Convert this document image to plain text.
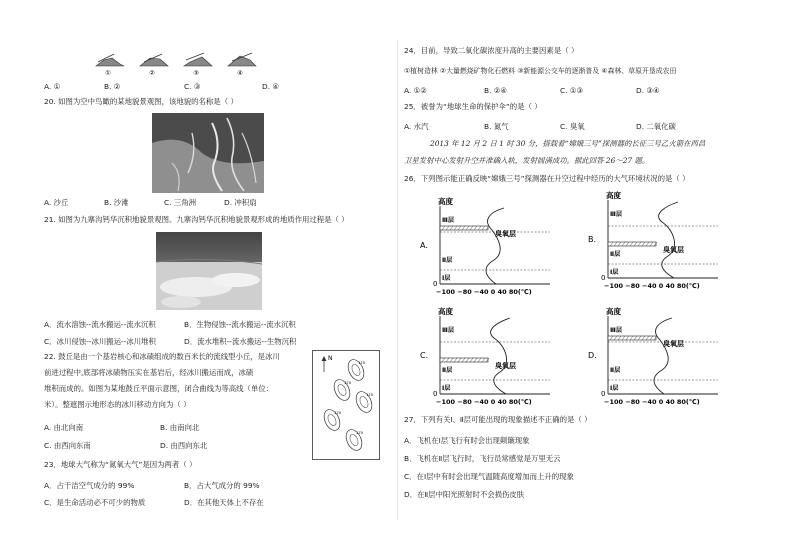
①	②	③	④
A. ①	B. ②	C. ③	D. ④
20. 如图为空中鸟瞰的某地貌景观图，该地貌的名称是（ ）
A. 沙丘	B. 沙滩	C. 三角洲	D. 冲积扇
21. 如图为九寨沟钙华沉积地貌景观图。九寨沟钙华沉积地貌景观形成的地质作用过程是（ ）
A．流水溶蚀--流水搬运--流水沉积	B．生物侵蚀--流水搬运--流水沉积
C．冰川侵蚀--冰川搬运--冰川堆积	D．流水堆积--流水搬运--生物沉积
22. 鼓丘是由一个基岩核心和冰碛组成的数百米长的流线型小丘，是冰川
前进过程中,底部将冰碛物压实在基岩后，经冰川搬运而成，冰碛
堆积而成的。如图为某地鼓丘平面示意图，闭合曲线为等高线（单位：
米）。整遮图示地形态的冰川移动方向为（ ）
A. 由北向南	B. 由南向北
C. 由西向东南	D. 由西向东北
N
170
170
170
170
170
23．地球大气称为“氮氧大气”是因为两者（ ）
A．占干洁空气成分的 99%	B．占大气成分的 99%
C．是生命活动必不可少的物质	D．在其他天体上不存在
24．目前，导致二氧化碳浓度升高的主要因素是（ ）
①植树造林 ②大量燃烧矿物化石燃料 ③新能源公交车的逐渐普及 ④森林、草原开垦成农田
A. ①②	B. ②④	C. ①③	D. ③④
25．被誉为“地球生命的保护伞”的是（ ）
A. 水汽	B. 氮气	C. 臭氧	D. 二氧化碳
2013 年 12 月 2 日 1 时 30 分，搭载着“嫦娥三号”探测器的长征三号乙火箭在西昌
卫星发射中心发射升空并准确入轨，发射圆满成功。据此回答 26～27 题。
26．下列图示能正确反映“嫦娥三号”探测器在升空过程中经历的大气环境状况的是（ ）
A.
高度
0
−100 −80 −40 0 40 80(℃)
Ⅲ层
Ⅱ层
Ⅰ层
臭氧层
B.
高度
0
−100 −80 −40 0 40 80(℃)
Ⅲ层
Ⅱ层
Ⅰ层
臭氧层
C.
高度
0
−100 −80 −40 0 40 80(℃)
Ⅲ层
Ⅱ层
Ⅰ层
臭氧层
D.
高度
0
−100 −80 −40 0 40 80(℃)
Ⅲ层
Ⅱ层
Ⅰ层
臭氧层
27．下列有关Ⅰ、Ⅱ层可能出现的现象描述不正确的是（ ）
A．飞机在Ⅰ层飞行有时会出现颠簸现象
B．飞机在Ⅱ层飞行时，飞行员常感觉是万里无云
C．在Ⅰ层中有时会出现气温随高度增加而上升的现象
D．在Ⅱ层中阳光照射时不会损伤皮肤
